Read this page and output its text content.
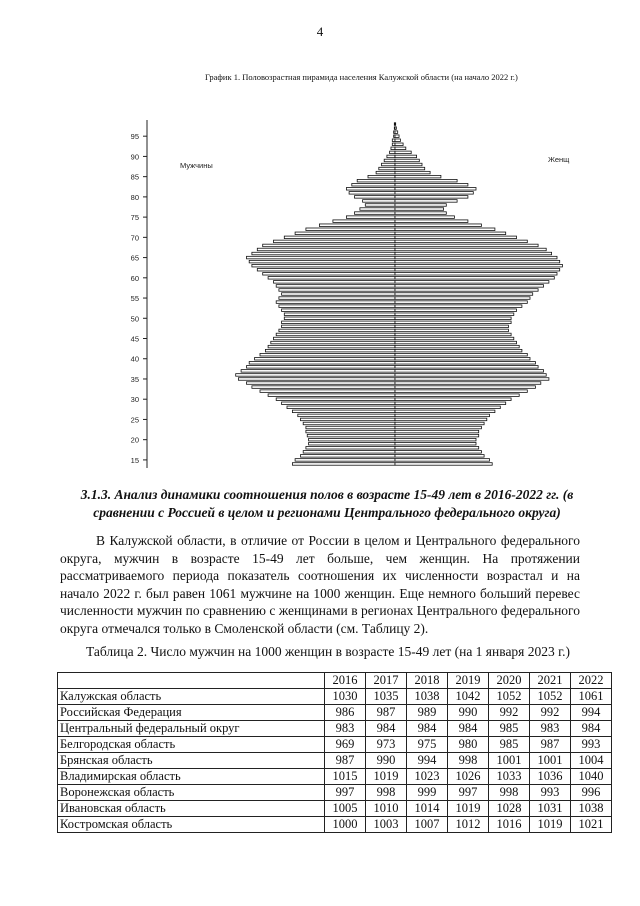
4
График 1. Половозрастная пирамида населения Калужской области (на начало 2022 г.)
15
20
25
30
35
40
45
50
55
60
65
70
75
80
85
90
95
Мужчины
Женщ
3.1.3. Анализ динамики соотношения полов в возрасте 15-49 лет в 2016-2022 гг. (в сравнении с Россией в целом и регионами Центрального федерального округа)
В Калужской области, в отличие от России в целом и Центрального федерального округа, мужчин в возрасте 15-49 лет больше, чем женщин. На протяжении рассматриваемого периода показатель соотношения их численности возрастал и на начало 2022 г. был равен 1061 мужчине на 1000 женщин. Еще немного больший перевес численности мужчин по сравнению с женщинами в регионах Центрального федерального округа отмечался только в Смоленской области (см. Таблицу 2).
Таблица 2. Число мужчин на 1000 женщин в возрасте 15-49 лет (на 1 января 2023 г.)
	2016	2017	2018	2019	2020	2021	2022
Калужская область	1030	1035	1038	1042	1052	1052	1061
Российская Федерация	986	987	989	990	992	992	994
Центральный федеральный округ	983	984	984	984	985	983	984
Белгородская область	969	973	975	980	985	987	993
Брянская область	987	990	994	998	1001	1001	1004
Владимирская область	1015	1019	1023	1026	1033	1036	1040
Воронежская область	997	998	999	997	998	993	996
Ивановская область	1005	1010	1014	1019	1028	1031	1038
Костромская область	1000	1003	1007	1012	1016	1019	1021
